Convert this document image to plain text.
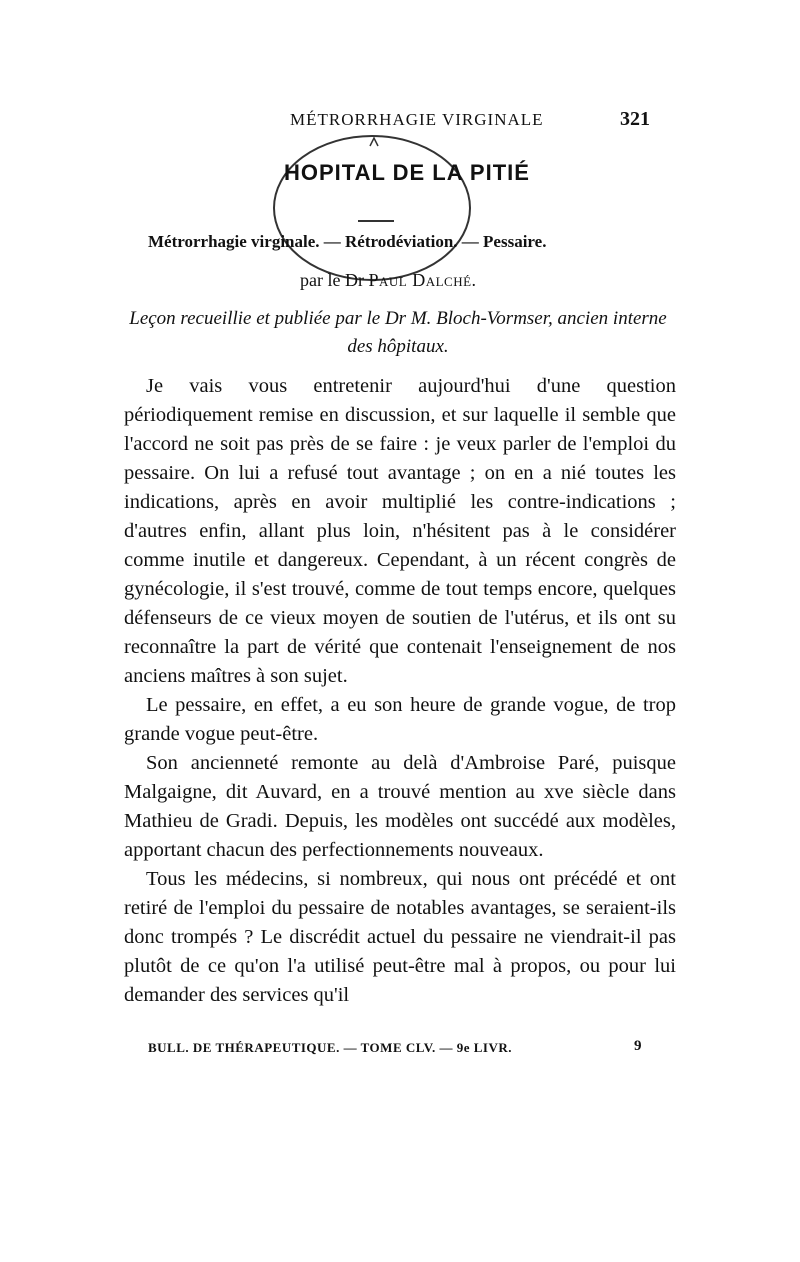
MÉTRORRHAGIE VIRGINALE	321
HOPITAL DE LA PITIÉ
Métrorrhagie virginale. — Rétrodéviation. — Pessaire.
par le Dr Paul Dalché.
Leçon recueillie et publiée par le Dr M. Bloch-Vormser, ancien interne des hôpitaux.

Je vais vous entretenir aujourd'hui d'une question périodiquement remise en discussion, et sur laquelle il semble que l'accord ne soit pas près de se faire : je veux parler de l'emploi du pessaire. On lui a refusé tout avantage ; on en a nié toutes les indications, après en avoir multiplié les contre-indications ; d'autres enfin, allant plus loin, n'hésitent pas à le considérer comme inutile et dangereux. Cependant, à un récent congrès de gynécologie, il s'est trouvé, comme de tout temps encore, quelques défenseurs de ce vieux moyen de soutien de l'utérus, et ils ont su reconnaître la part de vérité que contenait l'enseignement de nos anciens maîtres à son sujet.

Le pessaire, en effet, a eu son heure de grande vogue, de trop grande vogue peut-être.

Son ancienneté remonte au delà d'Ambroise Paré, puisque Malgaigne, dit Auvard, en a trouvé mention au xve siècle dans Mathieu de Gradi. Depuis, les modèles ont succédé aux modèles, apportant chacun des perfectionnements nouveaux.

Tous les médecins, si nombreux, qui nous ont précédé et ont retiré de l'emploi du pessaire de notables avantages, se seraient-ils donc trompés ? Le discrédit actuel du pessaire ne viendrait-il pas plutôt de ce qu'on l'a utilisé peut-être mal à propos, ou pour lui demander des services qu'il

BULL. DE THÉRAPEUTIQUE. — TOME CLV. — 9e LIVR.	9
